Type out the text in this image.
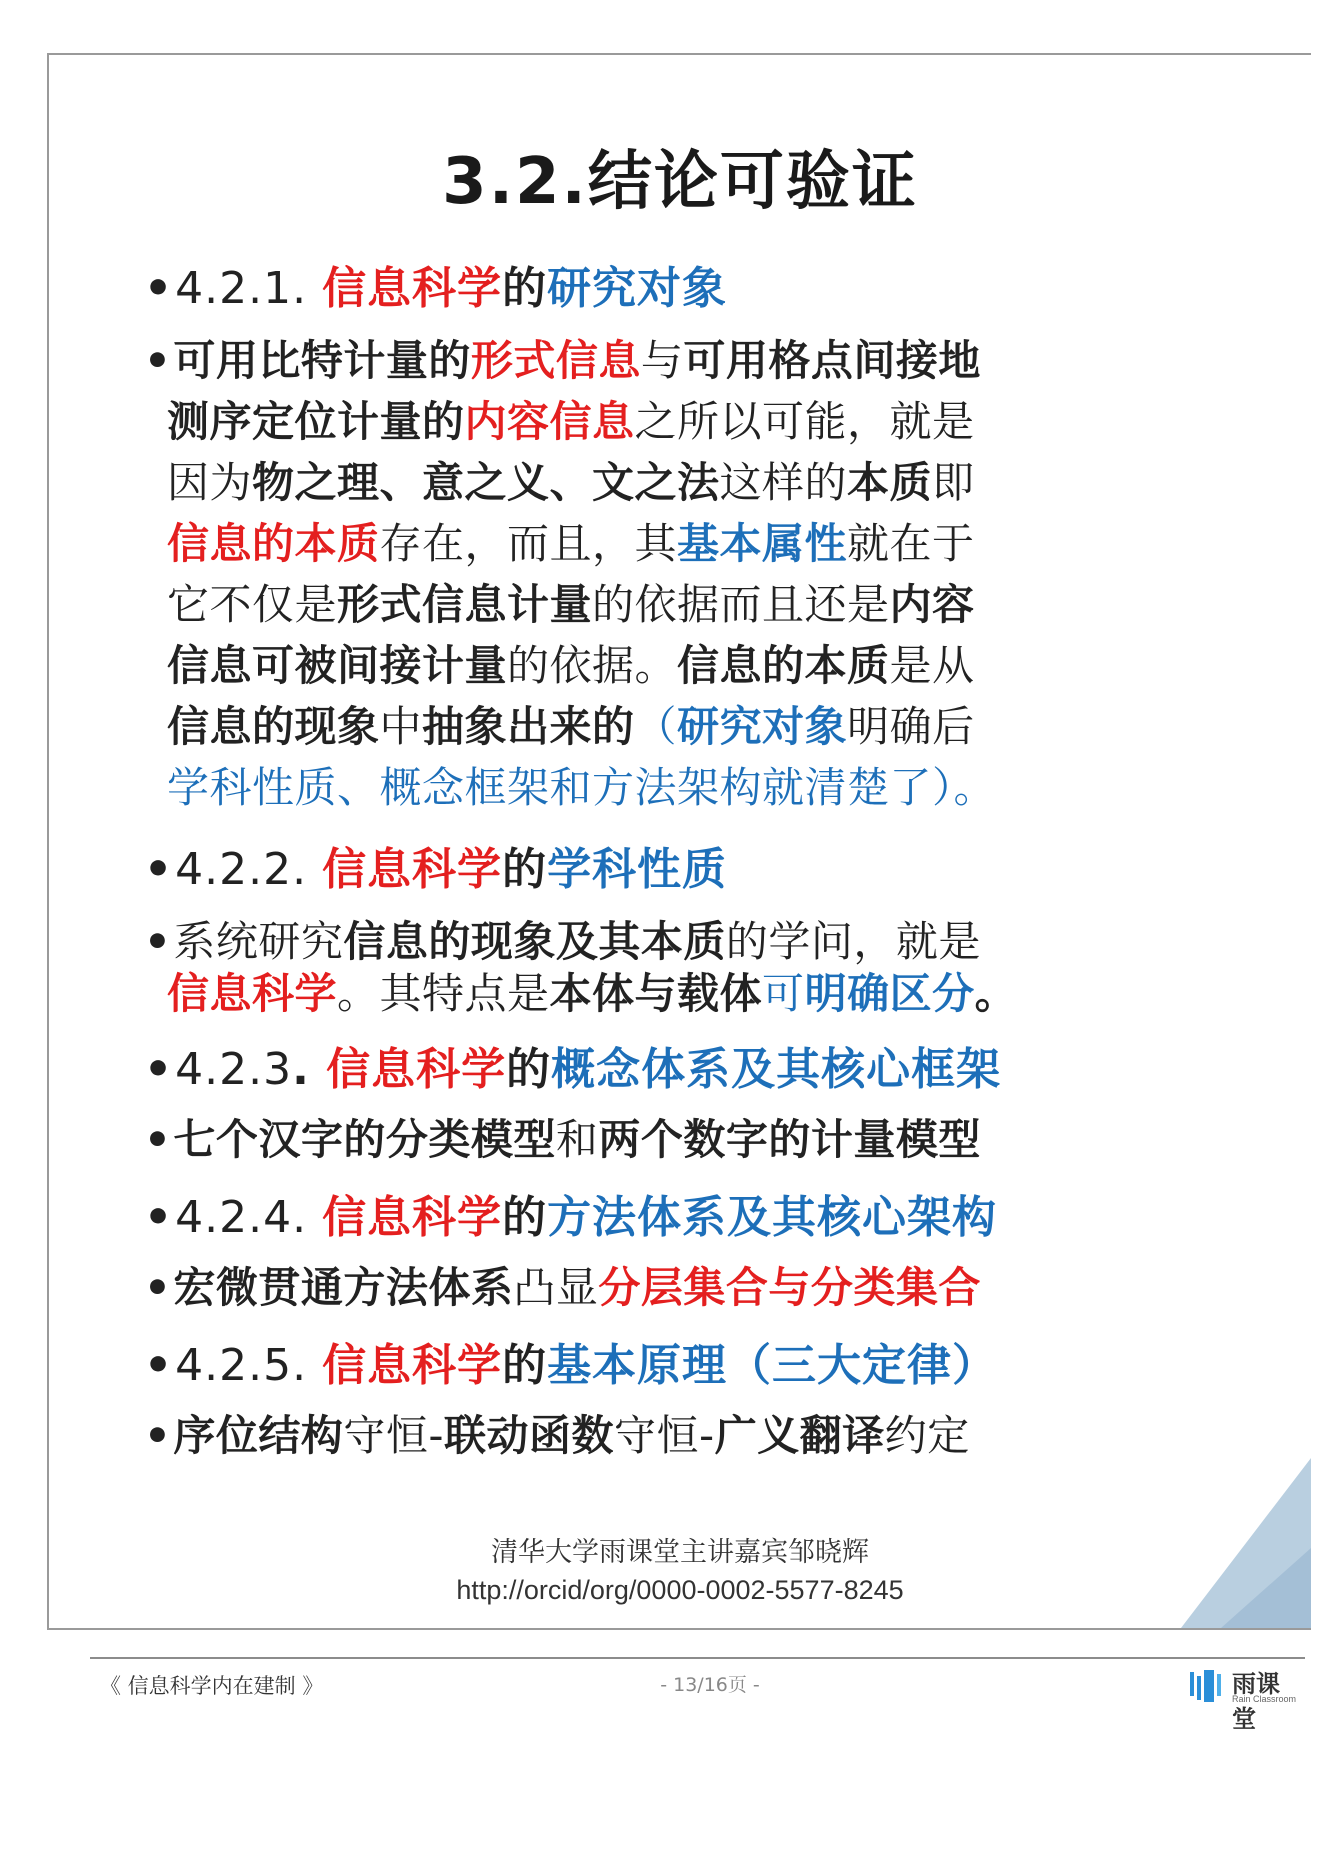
3.2.结论可验证
•4.2.1. 信息科学的研究对象
•可用比特计量的形式信息与可用格点间接地
测序定位计量的内容信息之所以可能，就是
因为物之理、意之义、文之法这样的本质即
信息的本质存在，而且，其基本属性就在于
它不仅是形式信息计量的依据而且还是内容
信息可被间接计量的依据。信息的本质是从
信息的现象中抽象出来的（研究对象明确后
学科性质、概念框架和方法架构就清楚了）。
•4.2.2. 信息科学的学科性质
•系统研究信息的现象及其本质的学问，就是
信息科学。其特点是本体与载体可明确区分。
•4.2.3. 信息科学的概念体系及其核心框架
•七个汉字的分类模型和两个数字的计量模型
•4.2.4. 信息科学的方法体系及其核心架构
•宏微贯通方法体系凸显分层集合与分类集合
•4.2.5. 信息科学的基本原理（三大定律）
•序位结构守恒-联动函数守恒-广义翻译约定
清华大学雨课堂主讲嘉宾邹晓辉
http://orcid/org/0000-0002-5577-8245
《 信息科学内在建制 》	- 13/16页 -	雨课堂
Rain Classroom
